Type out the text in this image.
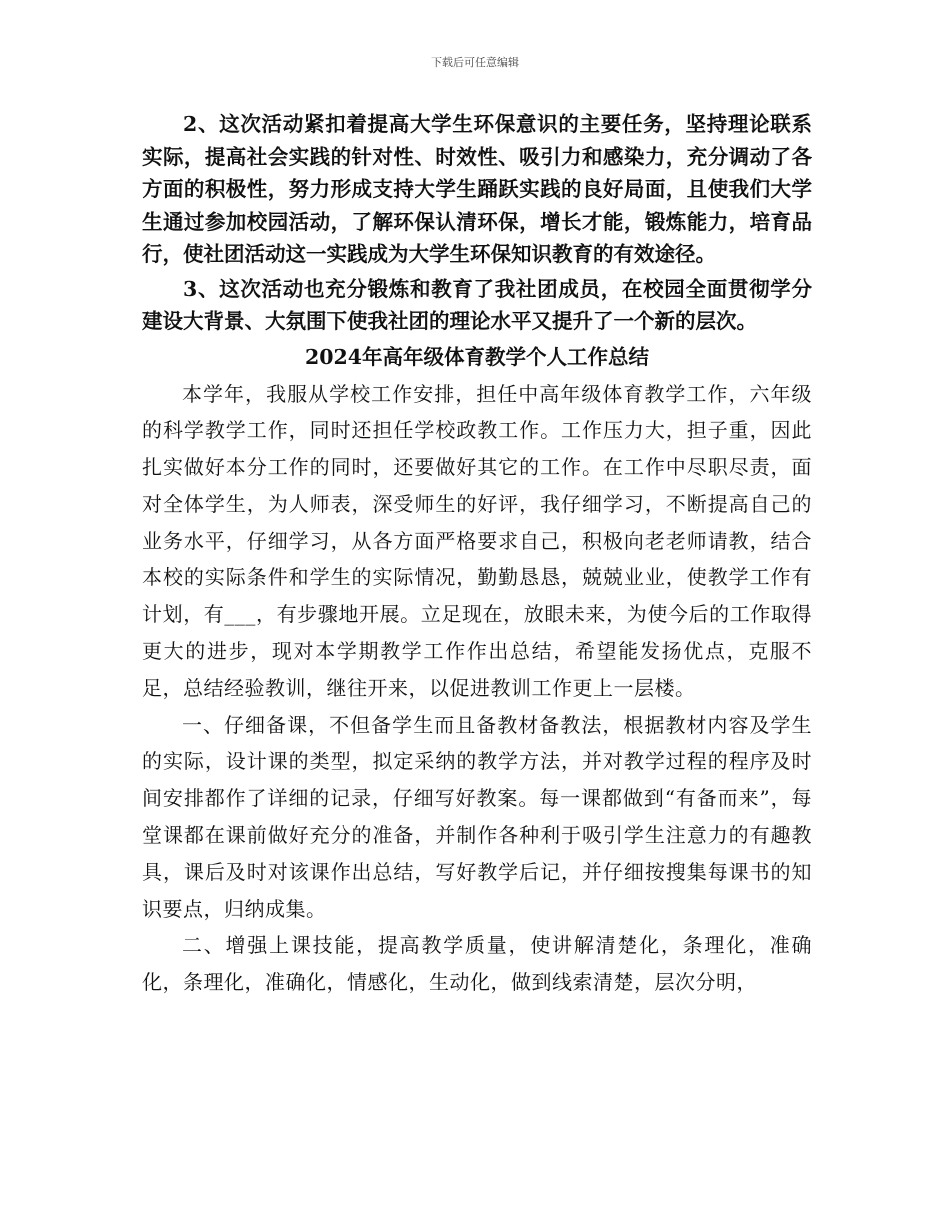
下载后可任意编辑

2、这次活动紧扣着提高大学生环保意识的主要任务，坚持理论联系实际，提高社会实践的针对性、时效性、吸引力和感染力，充分调动了各方面的积极性，努力形成支持大学生踊跃实践的良好局面，且使我们大学生通过参加校园活动，了解环保认清环保，增长才能，锻炼能力，培育品行，使社团活动这一实践成为大学生环保知识教育的有效途径。

3、这次活动也充分锻炼和教育了我社团成员，在校园全面贯彻学分建设大背景、大氛围下使我社团的理论水平又提升了一个新的层次。

2024年高年级体育教学个人工作总结

本学年，我服从学校工作安排，担任中高年级体育教学工作，六年级的科学教学工作，同时还担任学校政教工作。工作压力大，担子重，因此扎实做好本分工作的同时，还要做好其它的工作。在工作中尽职尽责，面对全体学生，为人师表，深受师生的好评，我仔细学习，不断提高自己的业务水平，仔细学习，从各方面严格要求自己，积极向老老师请教，结合本校的实际条件和学生的实际情况，勤勤恳恳，兢兢业业，使教学工作有计划，有___，有步骤地开展。立足现在，放眼未来，为使今后的工作取得更大的进步，现对本学期教学工作作出总结，希望能发扬优点，克服不足，总结经验教训，继往开来，以促进教训工作更上一层楼。

一、仔细备课，不但备学生而且备教材备教法，根据教材内容及学生的实际，设计课的类型，拟定采纳的教学方法，并对教学过程的程序及时间安排都作了详细的记录，仔细写好教案。每一课都做到“有备而来”，每堂课都在课前做好充分的准备，并制作各种利于吸引学生注意力的有趣教具，课后及时对该课作出总结，写好教学后记，并仔细按搜集每课书的知识要点，归纳成集。

二、增强上课技能，提高教学质量，使讲解清楚化，条理化，准确化，条理化，准确化，情感化，生动化，做到线索清楚，层次分明，
